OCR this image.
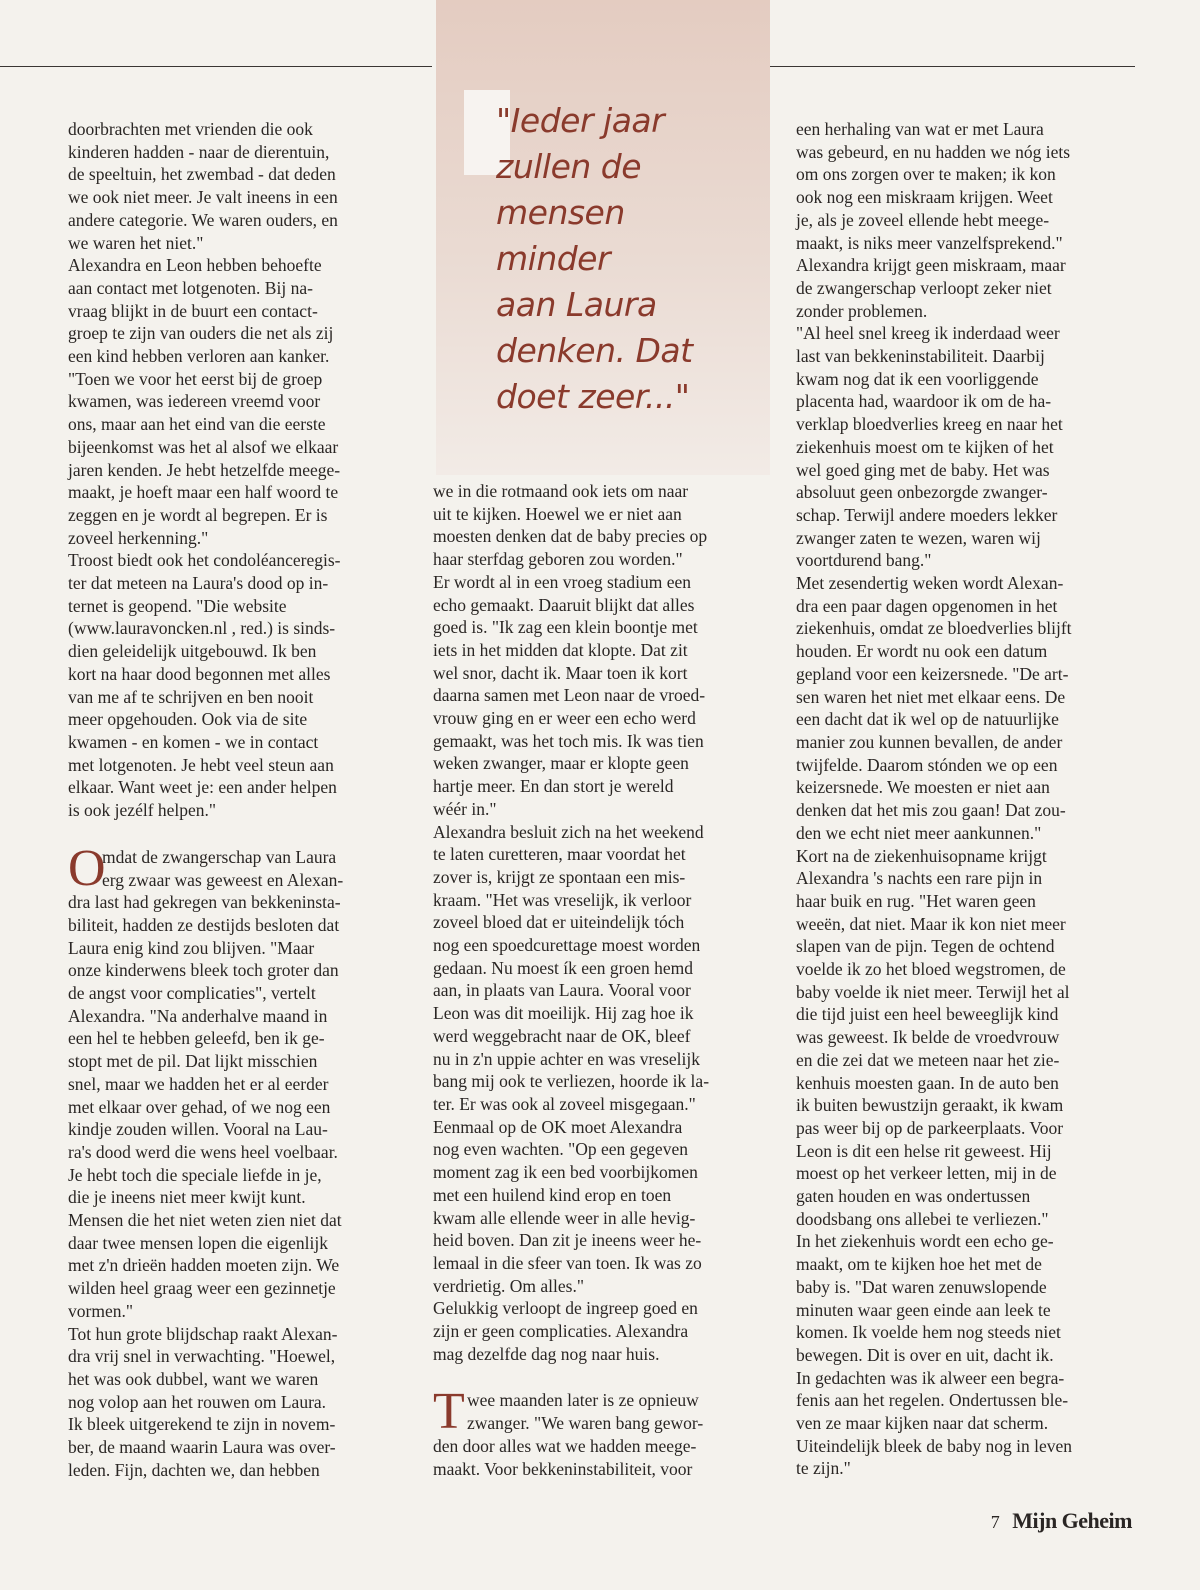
"Ieder jaar
zullen de
mensen
minder
aan Laura
denken. Dat
doet zeer..."
doorbrachten met vrienden die ook
kinderen hadden - naar de dierentuin,
de speeltuin, het zwembad - dat deden
we ook niet meer. Je valt ineens in een
andere categorie. We waren ouders, en
we waren het niet."
Alexandra en Leon hebben behoefte
aan contact met lotgenoten. Bij na-
vraag blijkt in de buurt een contact-
groep te zijn van ouders die net als zij
een kind hebben verloren aan kanker.
"Toen we voor het eerst bij de groep
kwamen, was iedereen vreemd voor
ons, maar aan het eind van die eerste
bijeenkomst was het al alsof we elkaar
jaren kenden. Je hebt hetzelfde meege-
maakt, je hoeft maar een half woord te
zeggen en je wordt al begrepen. Er is
zoveel herkenning."
Troost biedt ook het condoléanceregis-
ter dat meteen na Laura's dood op in-
ternet is geopend. "Die website
(www.lauravoncken.nl , red.) is sinds-
dien geleidelijk uitgebouwd. Ik ben
kort na haar dood begonnen met alles
van me af te schrijven en ben nooit
meer opgehouden. Ook via de site
kwamen - en komen - we in contact
met lotgenoten. Je hebt veel steun aan
elkaar. Want weet je: een ander helpen
is ook jezélf helpen."
O
mdat de zwangerschap van Laura
erg zwaar was geweest en Alexan-
dra last had gekregen van bekkeninsta-
biliteit, hadden ze destijds besloten dat
Laura enig kind zou blijven. "Maar
onze kinderwens bleek toch groter dan
de angst voor complicaties", vertelt
Alexandra. "Na anderhalve maand in
een hel te hebben geleefd, ben ik ge-
stopt met de pil. Dat lijkt misschien
snel, maar we hadden het er al eerder
met elkaar over gehad, of we nog een
kindje zouden willen. Vooral na Lau-
ra's dood werd die wens heel voelbaar.
Je hebt toch die speciale liefde in je,
die je ineens niet meer kwijt kunt.
Mensen die het niet weten zien niet dat
daar twee mensen lopen die eigenlijk
met z'n drieën hadden moeten zijn. We
wilden heel graag weer een gezinnetje
vormen."
Tot hun grote blijdschap raakt Alexan-
dra vrij snel in verwachting. "Hoewel,
het was ook dubbel, want we waren
nog volop aan het rouwen om Laura.
Ik bleek uitgerekend te zijn in novem-
ber, de maand waarin Laura was over-
leden. Fijn, dachten we, dan hebben
we in die rotmaand ook iets om naar
uit te kijken. Hoewel we er niet aan
moesten denken dat de baby precies op
haar sterfdag geboren zou worden."
Er wordt al in een vroeg stadium een
echo gemaakt. Daaruit blijkt dat alles
goed is. "Ik zag een klein boontje met
iets in het midden dat klopte. Dat zit
wel snor, dacht ik. Maar toen ik kort
daarna samen met Leon naar de vroed-
vrouw ging en er weer een echo werd
gemaakt, was het toch mis. Ik was tien
weken zwanger, maar er klopte geen
hartje meer. En dan stort je wereld
wéér in."
Alexandra besluit zich na het weekend
te laten curetteren, maar voordat het
zover is, krijgt ze spontaan een mis-
kraam. "Het was vreselijk, ik verloor
zoveel bloed dat er uiteindelijk tóch
nog een spoedcurettage moest worden
gedaan. Nu moest ík een groen hemd
aan, in plaats van Laura. Vooral voor
Leon was dit moeilijk. Hij zag hoe ik
werd weggebracht naar de OK, bleef
nu in z'n uppie achter en was vreselijk
bang mij ook te verliezen, hoorde ik la-
ter. Er was ook al zoveel misgegaan."
Eenmaal op de OK moet Alexandra
nog even wachten. "Op een gegeven
moment zag ik een bed voorbijkomen
met een huilend kind erop en toen
kwam alle ellende weer in alle hevig-
heid boven. Dan zit je ineens weer he-
lemaal in die sfeer van toen. Ik was zo
verdrietig. Om alles."
Gelukkig verloopt de ingreep goed en
zijn er geen complicaties. Alexandra
mag dezelfde dag nog naar huis.
T wee maanden later is ze opnieuw
zwanger. "We waren bang gewor-
den door alles wat we hadden meege-
maakt. Voor bekkeninstabiliteit, voor
een herhaling van wat er met Laura
was gebeurd, en nu hadden we nóg iets
om ons zorgen over te maken; ik kon
ook nog een miskraam krijgen. Weet
je, als je zoveel ellende hebt meege-
maakt, is niks meer vanzelfsprekend."
Alexandra krijgt geen miskraam, maar
de zwangerschap verloopt zeker niet
zonder problemen.
"Al heel snel kreeg ik inderdaad weer
last van bekkeninstabiliteit. Daarbij
kwam nog dat ik een voorliggende
placenta had, waardoor ik om de ha-
verklap bloedverlies kreeg en naar het
ziekenhuis moest om te kijken of het
wel goed ging met de baby. Het was
absoluut geen onbezorgde zwanger-
schap. Terwijl andere moeders lekker
zwanger zaten te wezen, waren wij
voortdurend bang."
Met zesendertig weken wordt Alexan-
dra een paar dagen opgenomen in het
ziekenhuis, omdat ze bloedverlies blijft
houden. Er wordt nu ook een datum
gepland voor een keizersnede. "De art-
sen waren het niet met elkaar eens. De
een dacht dat ik wel op de natuurlijke
manier zou kunnen bevallen, de ander
twijfelde. Daarom stónden we op een
keizersnede. We moesten er niet aan
denken dat het mis zou gaan! Dat zou-
den we echt niet meer aankunnen."
Kort na de ziekenhuisopname krijgt
Alexandra 's nachts een rare pijn in
haar buik en rug. "Het waren geen
weeën, dat niet. Maar ik kon niet meer
slapen van de pijn. Tegen de ochtend
voelde ik zo het bloed wegstromen, de
baby voelde ik niet meer. Terwijl het al
die tijd juist een heel beweeglijk kind
was geweest. Ik belde de vroedvrouw
en die zei dat we meteen naar het zie-
kenhuis moesten gaan. In de auto ben
ik buiten bewustzijn geraakt, ik kwam
pas weer bij op de parkeerplaats. Voor
Leon is dit een helse rit geweest. Hij
moest op het verkeer letten, mij in de
gaten houden en was ondertussen
doodsbang ons allebei te verliezen."
In het ziekenhuis wordt een echo ge-
maakt, om te kijken hoe het met de
baby is. "Dat waren zenuwslopende
minuten waar geen einde aan leek te
komen. Ik voelde hem nog steeds niet
bewegen. Dit is over en uit, dacht ik.
In gedachten was ik alweer een begra-
fenis aan het regelen. Ondertussen ble-
ven ze maar kijken naar dat scherm.
Uiteindelijk bleek de baby nog in leven
te zijn."
7 Mijn Geheim
